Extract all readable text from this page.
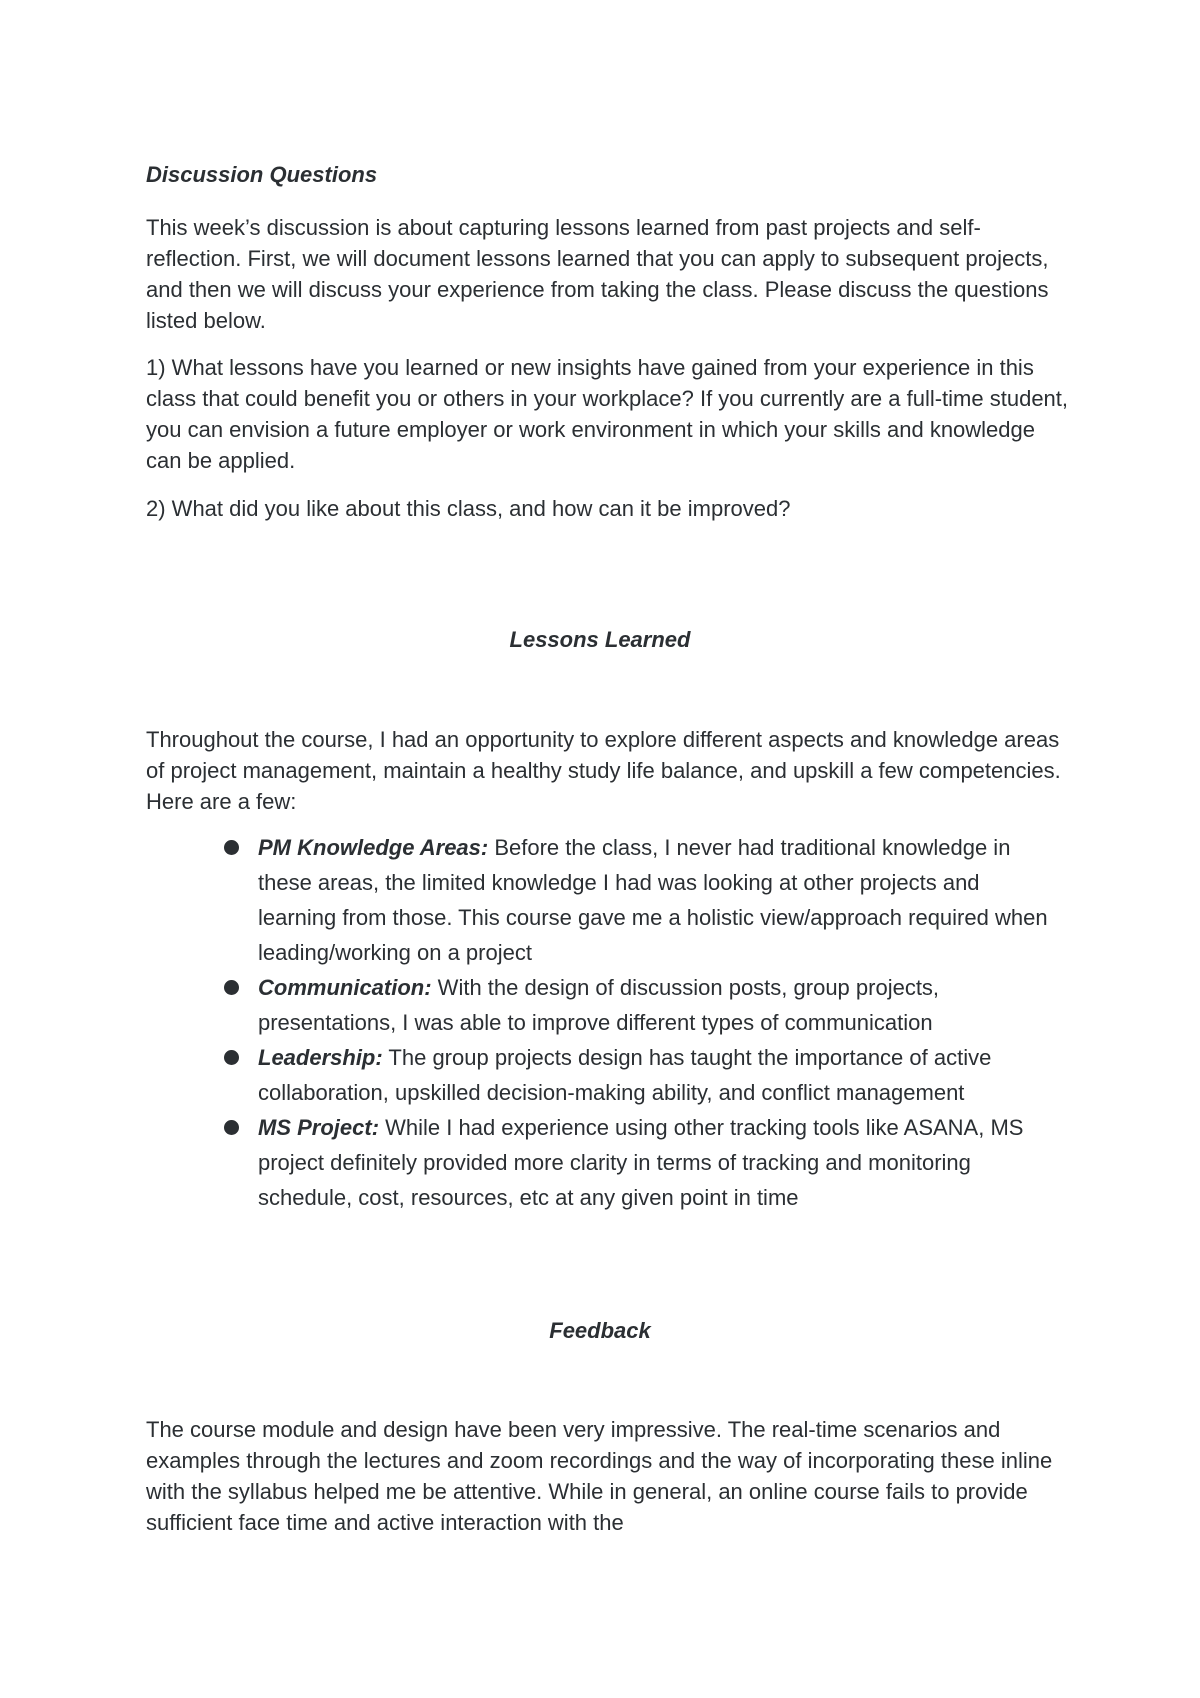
Discussion Questions

This week’s discussion is about capturing lessons learned from past projects and self-reflection. First, we will document lessons learned that you can apply to subsequent projects, and then we will discuss your experience from taking the class. Please discuss the questions listed below.

1) What lessons have you learned or new insights have gained from your experience in this class that could benefit you or others in your workplace? If you currently are a full-time student, you can envision a future employer or work environment in which your skills and knowledge can be applied.

2) What did you like about this class, and how can it be improved?

Lessons Learned

Throughout the course, I had an opportunity to explore different aspects and knowledge areas of project management, maintain a healthy study life balance, and upskill a few competencies. Here are a few:

PM Knowledge Areas: Before the class, I never had traditional knowledge in these areas, the limited knowledge I had was looking at other projects and learning from those. This course gave me a holistic view/approach required when leading/working on a project
Communication: With the design of discussion posts, group projects, presentations, I was able to improve different types of communication
Leadership: The group projects design has taught the importance of active collaboration, upskilled decision-making ability, and conflict management
MS Project: While I had experience using other tracking tools like ASANA, MS project definitely provided more clarity in terms of tracking and monitoring schedule, cost, resources, etc at any given point in time
Feedback

The course module and design have been very impressive. The real-time scenarios and examples through the lectures and zoom recordings and the way of incorporating these inline with the syllabus helped me be attentive. While in general, an online course fails to provide sufficient face time and active interaction with the
